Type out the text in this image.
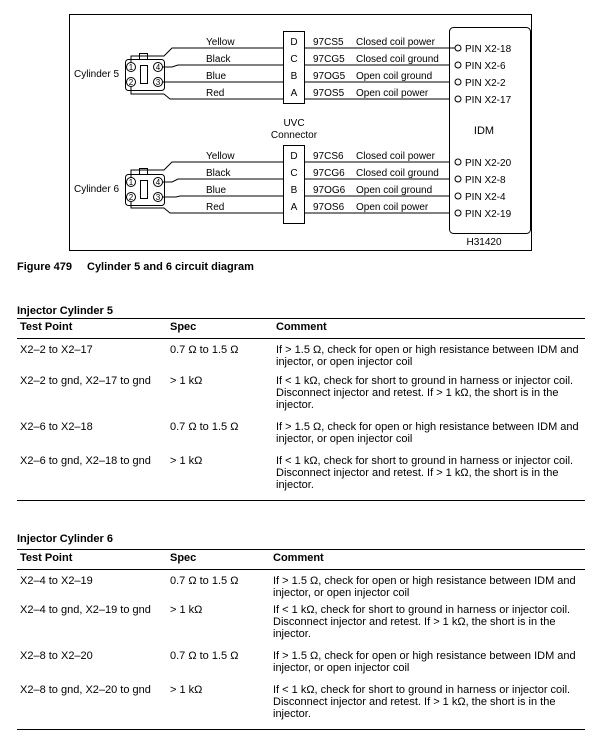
UVC
Connector	IDM
H31420
Cylinder 5
1
2	3
4
Yellow
Black
Blue
Red
D
C
B
A
97CS5
97CG5
97OG5
97OS5
Closed coil power
Closed coil ground
Open coil ground
Open coil power
PIN X2-18
PIN X2-6
PIN X2-2
PIN X2-17
Cylinder 6
1
2	3
4
Yellow
Black
Blue
Red
D
C
B
A
97CS6
97CG6
97OG6
97OS6
Closed coil power
Closed coil ground
Open coil ground
Open coil power
PIN X2-20
PIN X2-8
PIN X2-4
PIN X2-19
Figure 479 Cylinder 5 and 6 circuit diagram
Injector Cylinder 5
Test Point	Spec	Comment
X2–2 to X2–17	0.7 Ω to 1.5 Ω	If > 1.5 Ω, check for open or high resistance between IDM and injector, or open injector coil
X2–2 to gnd, X2–17 to gnd	> 1 kΩ	If < 1 kΩ, check for short to ground in harness or injector coil. Disconnect injector and retest. If > 1 kΩ, the short is in the injector.
X2–6 to X2–18	0.7 Ω to 1.5 Ω	If > 1.5 Ω, check for open or high resistance between IDM and injector, or open injector coil
X2–6 to gnd, X2–18 to gnd	> 1 kΩ	If < 1 kΩ, check for short to ground in harness or injector coil. Disconnect injector and retest. If > 1 kΩ, the short is in the injector.
Injector Cylinder 6
Test Point	Spec	Comment
X2–4 to X2–19	0.7 Ω to 1.5 Ω	If > 1.5 Ω, check for open or high resistance between IDM and injector, or open injector coil
X2–4 to gnd, X2–19 to gnd	> 1 kΩ	If < 1 kΩ, check for short to ground in harness or injector coil. Disconnect injector and retest. If > 1 kΩ, the short is in the injector.
X2–8 to X2–20	0.7 Ω to 1.5 Ω	If > 1.5 Ω, check for open or high resistance between IDM and injector, or open injector coil
X2–8 to gnd, X2–20 to gnd	> 1 kΩ	If < 1 kΩ, check for short to ground in harness or injector coil. Disconnect injector and retest. If > 1 kΩ, the short is in the injector.
